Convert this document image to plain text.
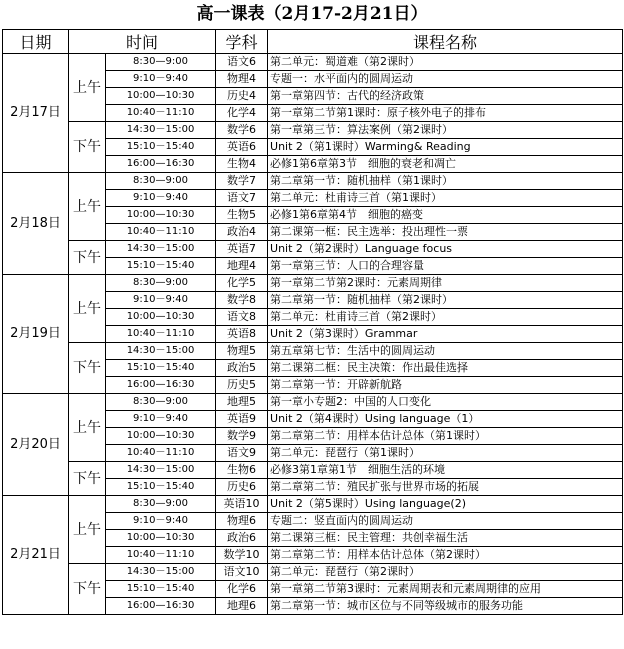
高一课表（2月17-2月21日）
日期	时间		学科	课程名称
2月17日	上午	8:30—9:00	语文6	第二单元：蜀道难（第2课时）
		9:10－9:40	物理4	专题一：水平面内的圆周运动
		10:00—10:30	历史4	第一章第四节：古代的经济政策
		10:40－11:10	化学4	第一章第二节第1课时：原子核外电子的排布
	下午	14:30－15:00	数学6	第一章第三节：算法案例（第2课时）
		15:10－15:40	英语6	Unit 2（第1课时）Warming& Reading
		16:00—16:30	生物4	必修1第6章第3节　细胞的衰老和凋亡
2月18日	上午	8:30—9:00	数学7	第二章第一节：随机抽样（第1课时）
		9:10－9:40	语文7	第二单元：杜甫诗三首（第1课时）
		10:00—10:30	生物5	必修1第6章第4节　细胞的癌变
		10:40－11:10	政治4	第二课第一框：民主选举：投出理性一票
	下午	14:30－15:00	英语7	Unit 2（第2课时）Language focus
		15:10－15:40	地理4	第一章第三节：人口的合理容量
2月19日	上午	8:30—9:00	化学5	第一章第二节第2课时：元素周期律
		9:10－9:40	数学8	第二章第一节：随机抽样（第2课时）
		10:00—10:30	语文8	第二单元：杜甫诗三首（第2课时）
		10:40－11:10	英语8	Unit 2（第3课时）Grammar
	下午	14:30－15:00	物理5	第五章第七节：生活中的圆周运动
		15:10－15:40	政治5	第二课第二框：民主决策：作出最佳选择
		16:00—16:30	历史5	第二章第一节：开辟新航路
2月20日	上午	8:30—9:00	地理5	第一章小专题2：中国的人口变化
		9:10－9:40	英语9	Unit 2（第4课时）Using language（1）
		10:00—10:30	数学9	第二章第二节：用样本估计总体（第1课时）
		10:40－11:10	语文9	第二单元：琵琶行（第1课时）
	下午	14:30－15:00	生物6	必修3第1章第1节　细胞生活的环境
		15:10－15:40	历史6	第二章第二节：殖民扩张与世界市场的拓展
2月21日	上午	8:30—9:00	英语10	Unit 2（第5课时）Using language(2)
		9:10－9:40	物理6	专题二：竖直面内的圆周运动
		10:00—10:30	政治6	第二课第三框：民主管理：共创幸福生活
		10:40－11:10	数学10	第二章第二节：用样本估计总体（第2课时）
	下午	14:30－15:00	语文10	第二单元：琵琶行（第2课时）
		15:10－15:40	化学6	第一章第二节第3课时：元素周期表和元素周期律的应用
		16:00—16:30	地理6	第二章第一节：城市区位与不同等级城市的服务功能
